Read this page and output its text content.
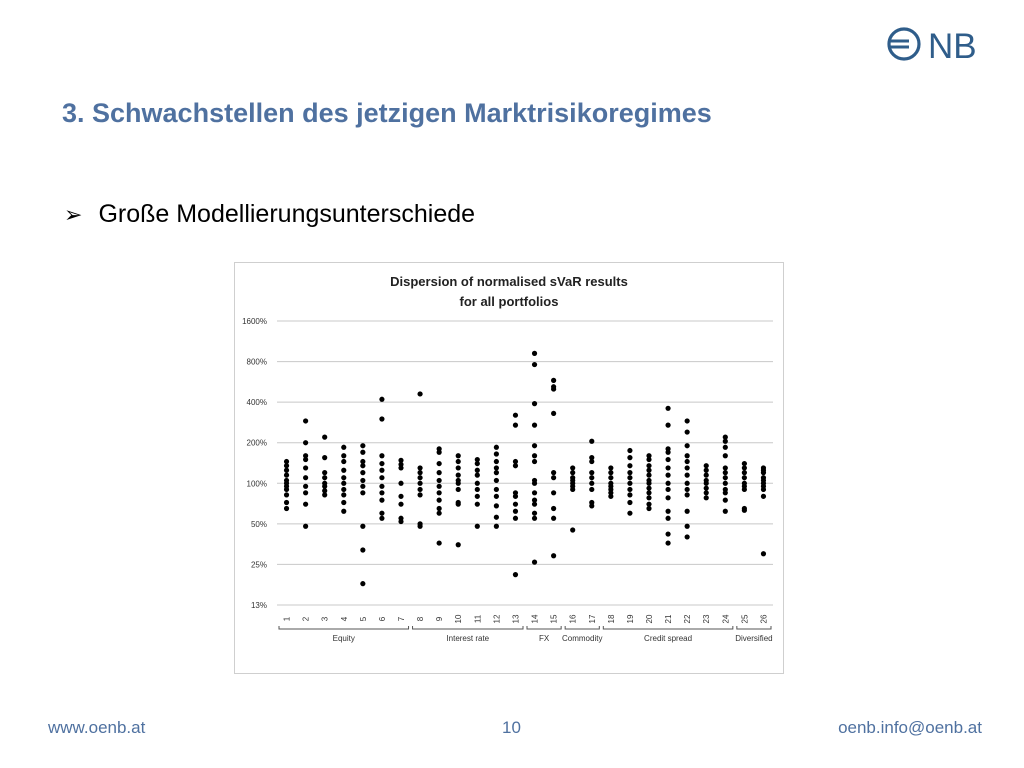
NB
3. Schwachstellen des jetzigen Marktrisikoregimes
➢ Große Modellierungsunterschiede
Dispersion of normalised sVaR results
for all portfolios
13%
25%
50%
100%
200%
400%
800%
1600%
1 2 3 4 5 6 7 8 9 10 11 12 13 14 15 16 17 18 19 20 21 22 23 24 25 26
Equity	Interest rate	FX Commodity	Credit spread	Diversified
www.oenb.at	10	oenb.info@oenb.at
